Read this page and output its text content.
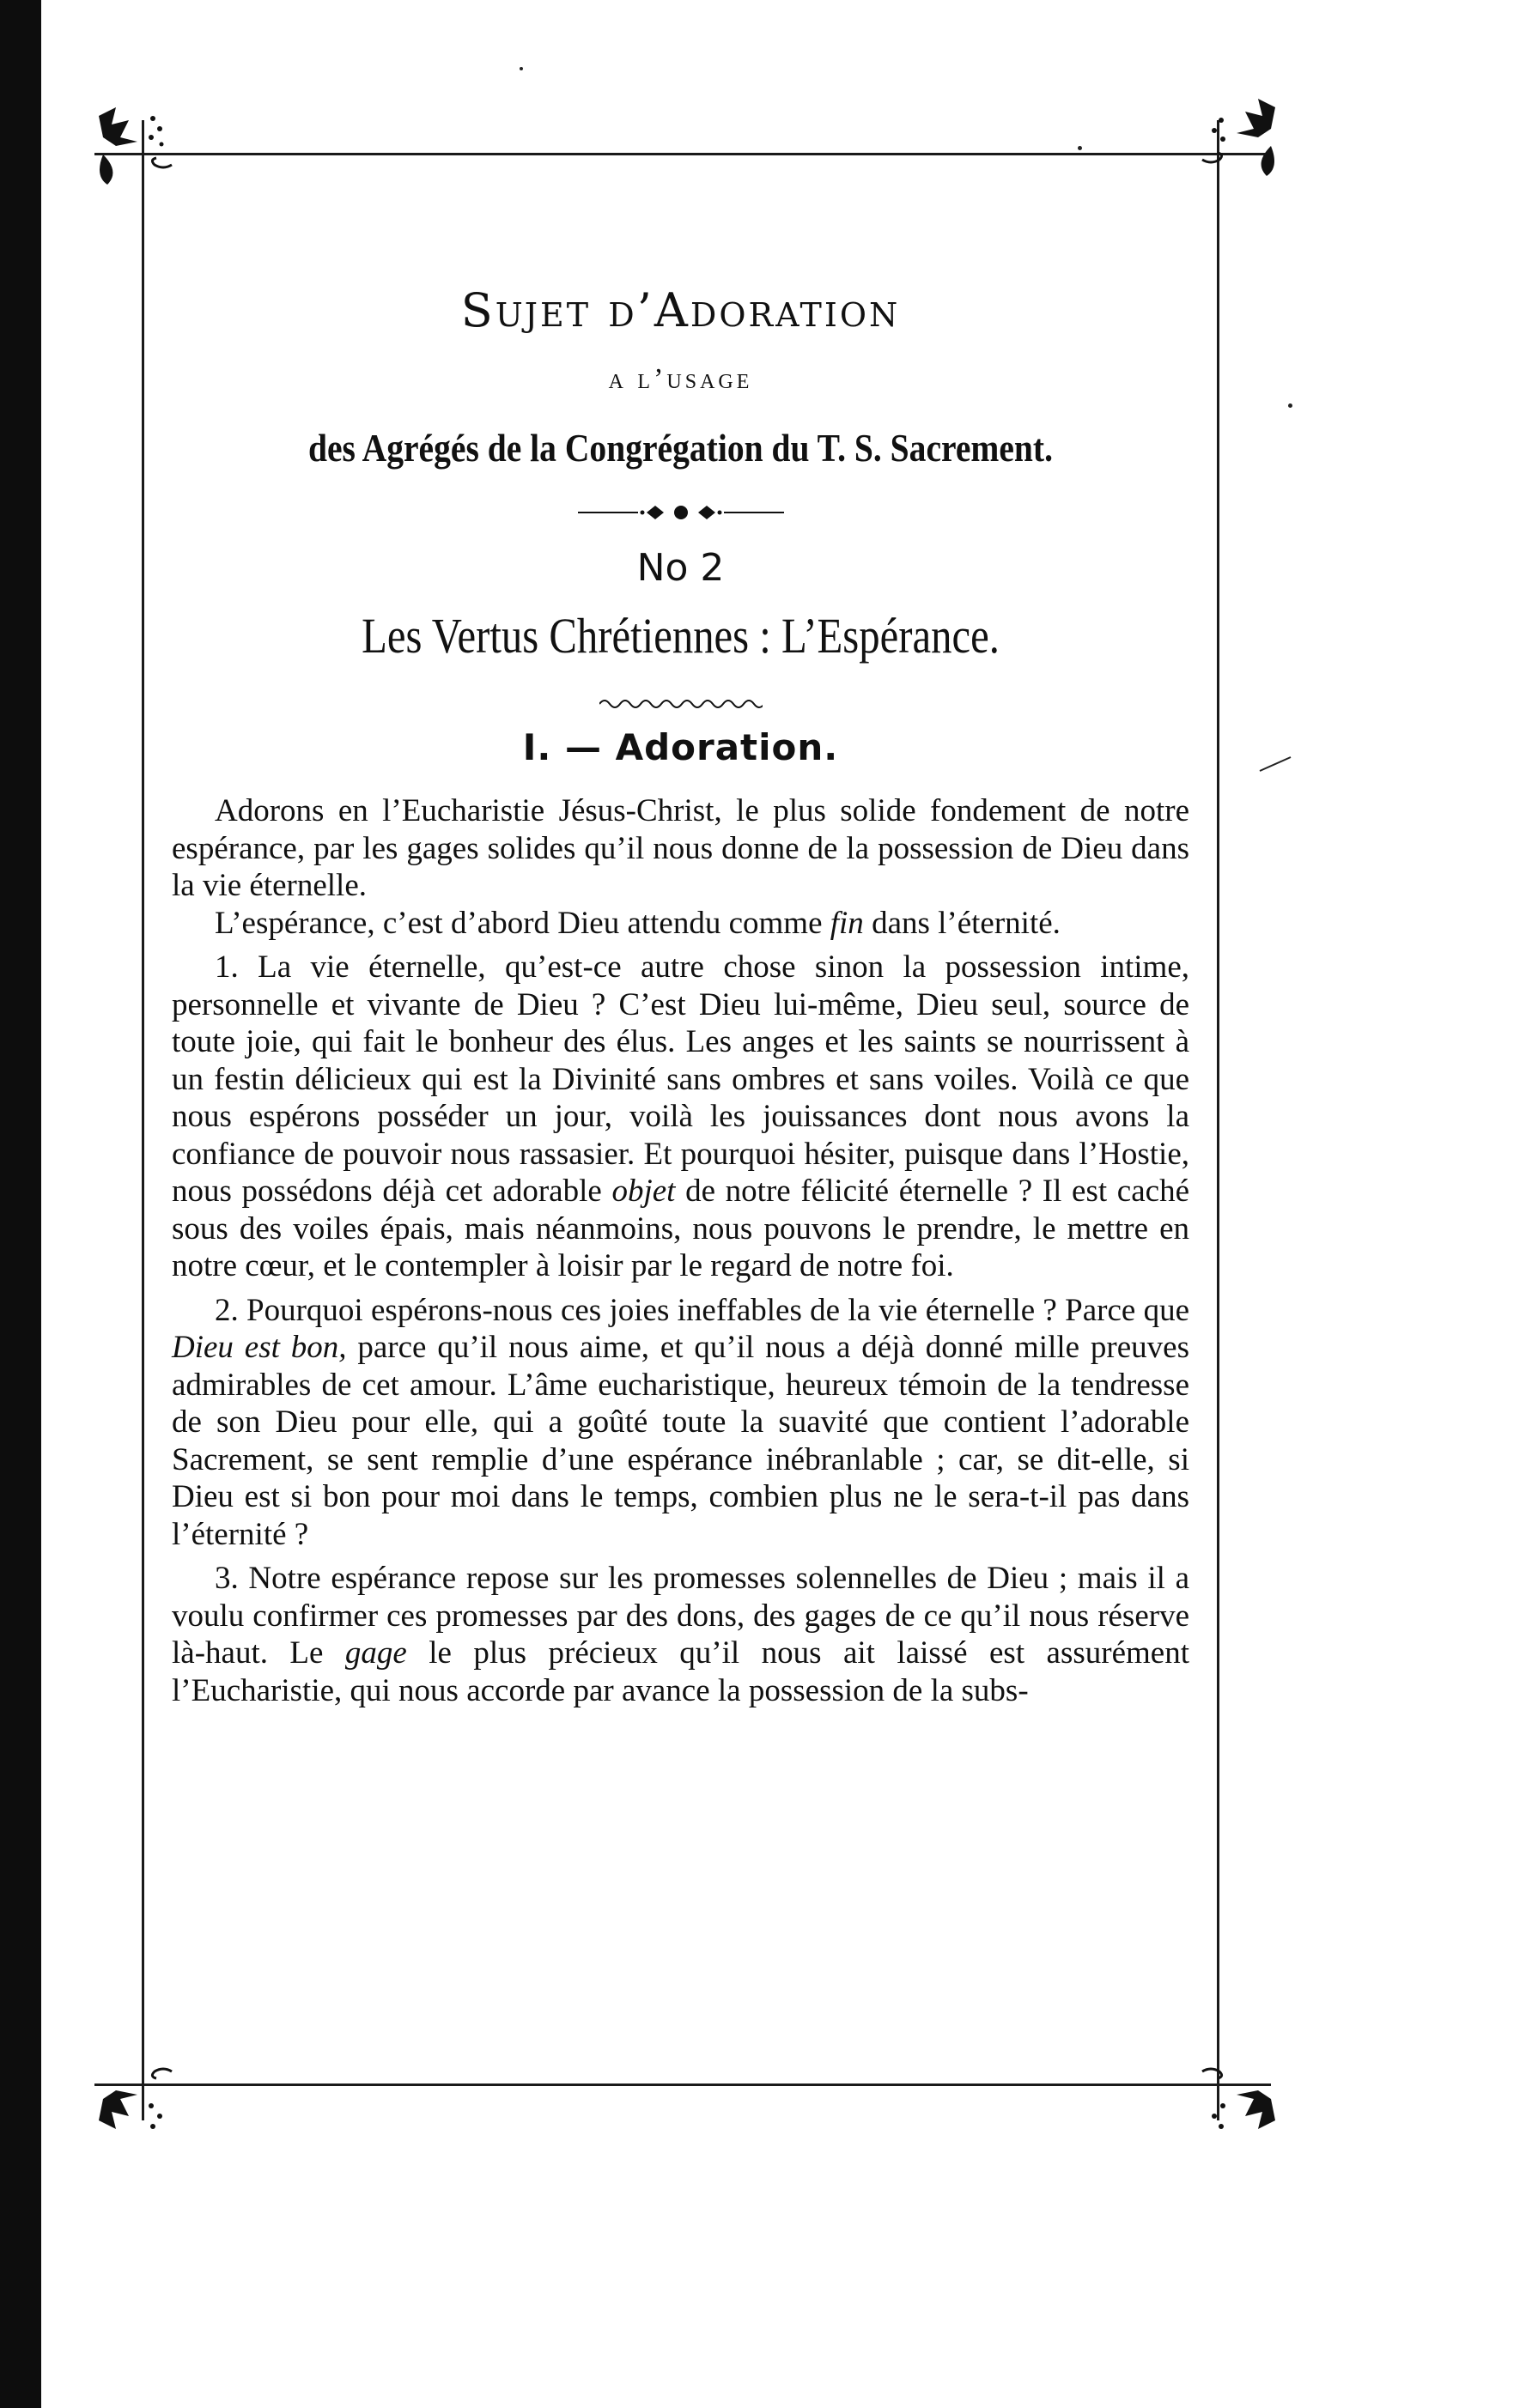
Sujet d’Adoration
a l’usage
des Agrégés de la Congrégation du T. S. Sacrement.
No 2
Les Vertus Chrétiennes : L’Espérance.
I. — Adoration.

Adorons en l’Eucharistie Jésus-Christ, le plus solide fondement de notre espérance, par les gages solides qu’il nous donne de la possession de Dieu dans la vie éternelle.

L’espérance, c’est d’abord Dieu attendu comme fin dans l’éternité.

1. La vie éternelle, qu’est-ce autre chose sinon la possession intime, personnelle et vivante de Dieu ? C’est Dieu lui-même, Dieu seul, source de toute joie, qui fait le bonheur des élus. Les anges et les saints se nourrissent à un festin délicieux qui est la Divinité sans ombres et sans voiles. Voilà ce que nous espérons posséder un jour, voilà les jouissances dont nous avons la confiance de pouvoir nous rassasier. Et pourquoi hésiter, puisque dans l’Hostie, nous possédons déjà cet adorable objet de notre félicité éternelle ? Il est caché sous des voiles épais, mais néanmoins, nous pouvons le prendre, le mettre en notre cœur, et le contempler à loisir par le regard de notre foi.

2. Pourquoi espérons-nous ces joies ineffables de la vie éternelle ? Parce que Dieu est bon, parce qu’il nous aime, et qu’il nous a déjà donné mille preuves admirables de cet amour. L’âme eucharistique, heureux témoin de la tendresse de son Dieu pour elle, qui a goûté toute la suavité que contient l’adorable Sacrement, se sent remplie d’une espérance inébranlable ; car, se dit-elle, si Dieu est si bon pour moi dans le temps, combien plus ne le sera-t-il pas dans l’éternité ?

3. Notre espérance repose sur les promesses solennelles de Dieu ; mais il a voulu confirmer ces promesses par des dons, des gages de ce qu’il nous réserve là-haut. Le gage le plus précieux qu’il nous ait laissé est assurément l’Eucharistie, qui nous accorde par avance la possession de la subs-
